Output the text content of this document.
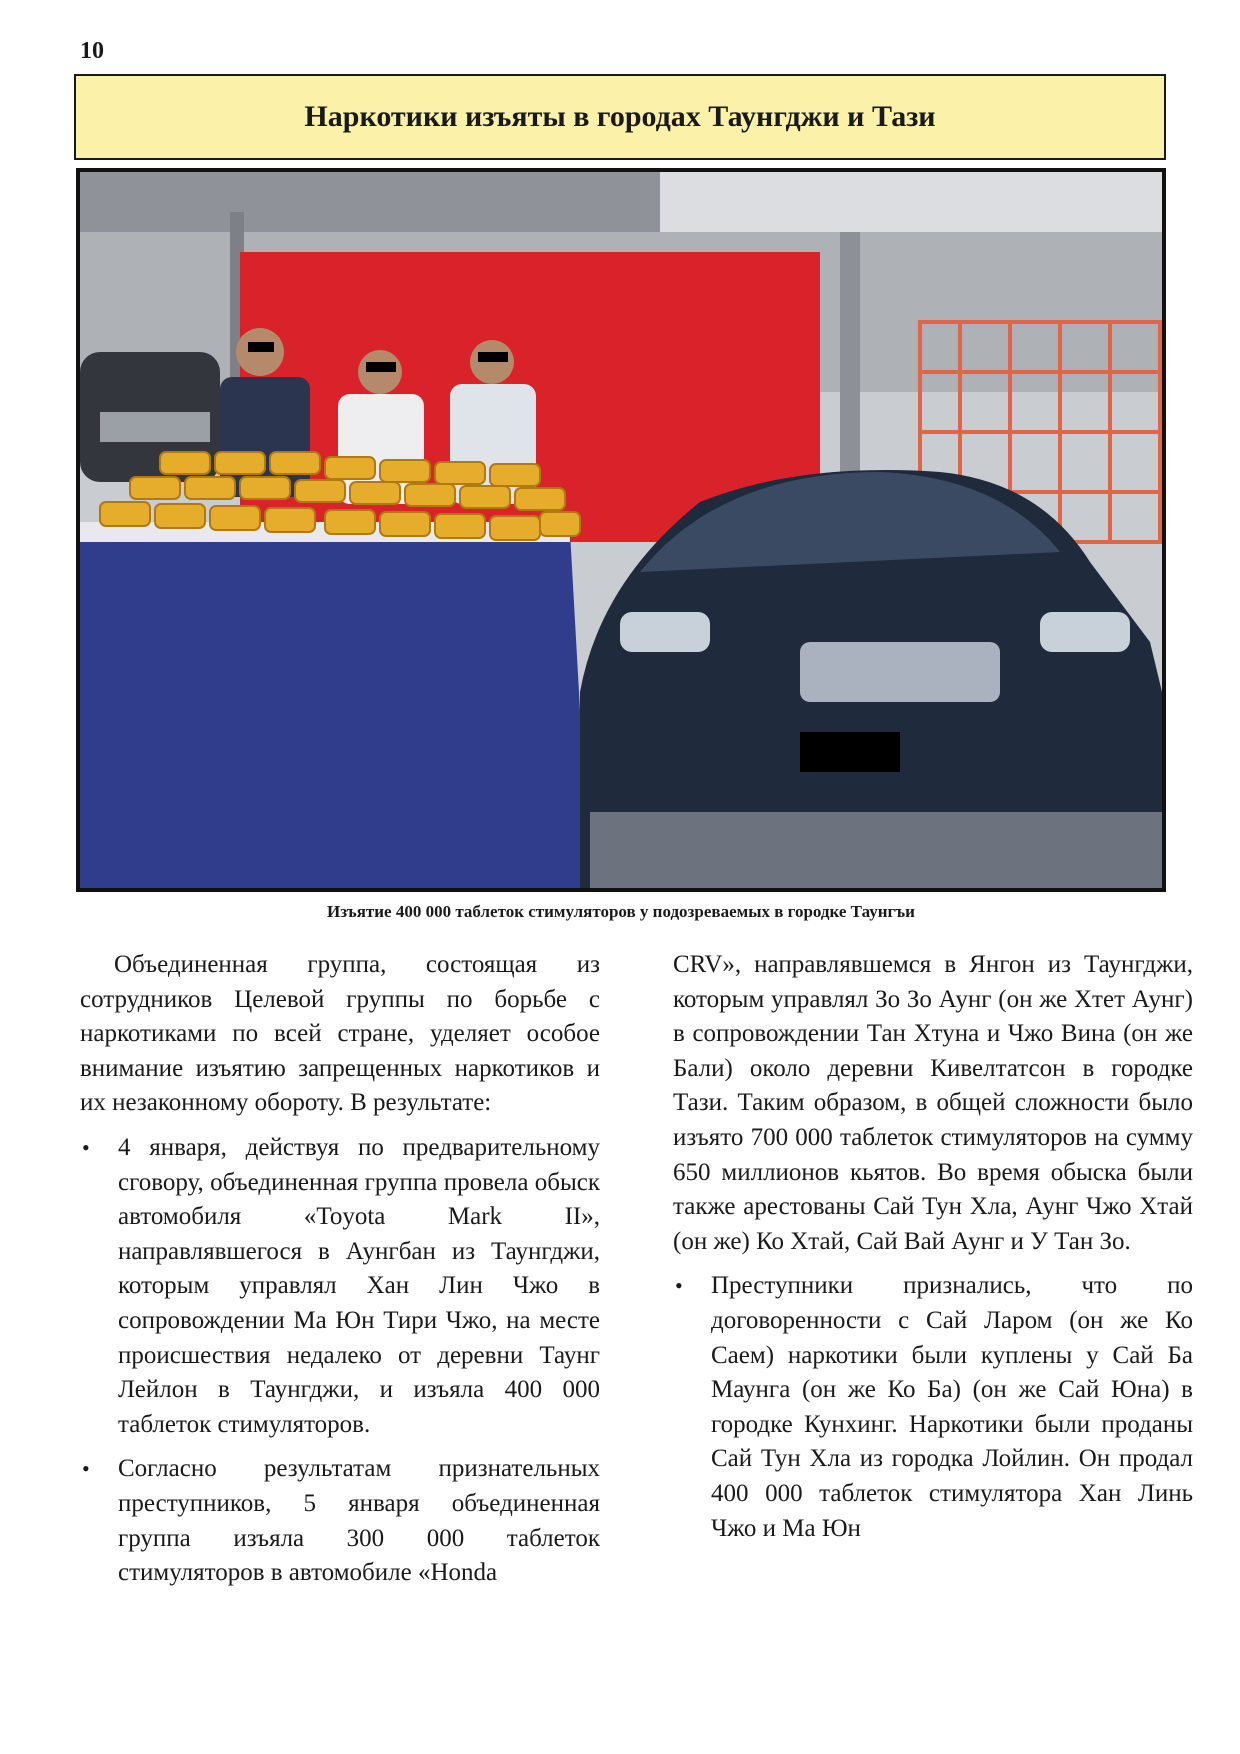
10
Наркотики изъяты в городах Таунгджи и Тази
Изъятие 400 000 таблеток стимуляторов у подозреваемых в городке Таунгъи

Объединенная группа, состоящая из сотрудников Целевой группы по борьбе с наркотиками по всей стране, уделяет особое внимание изъятию запрещенных наркотиков и их незаконному обороту. В результате:

• 4 января, действуя по предварительному сговору, объединенная группа провела обыск автомобиля «Toyota Mark II», направлявшегося в Аунгбан из Таунгджи, которым управлял Хан Лин Чжо в сопровождении Ма Юн Тири Чжо, на месте происшествия недалеко от деревни Таунг Лейлон в Таунгджи, и изъяла 400 000 таблеток стимуляторов.
• Согласно результатам признательных преступников, 5 января объединенная группа изъяла 300 000 таблеток стимуляторов в автомобиле «Honda

CRV», направлявшемся в Янгон из Таунгджи, которым управлял Зо Зо Аунг (он же Хтет Аунг) в сопровождении Тан Хтуна и Чжо Вина (он же Бали) около деревни Кивелтатсон в городке Тази. Таким образом, в общей сложности было изъято 700 000 таблеток стимуляторов на сумму 650 миллионов кьятов. Во время обыска были также арестованы Сай Тун Хла, Аунг Чжо Хтай (он же) Ко Хтай, Сай Вай Аунг и У Тан Зо.

• Преступники признались, что по договоренности с Сай Ларом (он же Ко Саем) наркотики были куплены у Сай Ба Маунга (он же Ко Ба) (он же Сай Юна) в городке Кунхинг. Наркотики были проданы Сай Тун Хла из городка Лойлин. Он продал 400 000 таблеток стимулятора Хан Линь Чжо и Ма Юн
